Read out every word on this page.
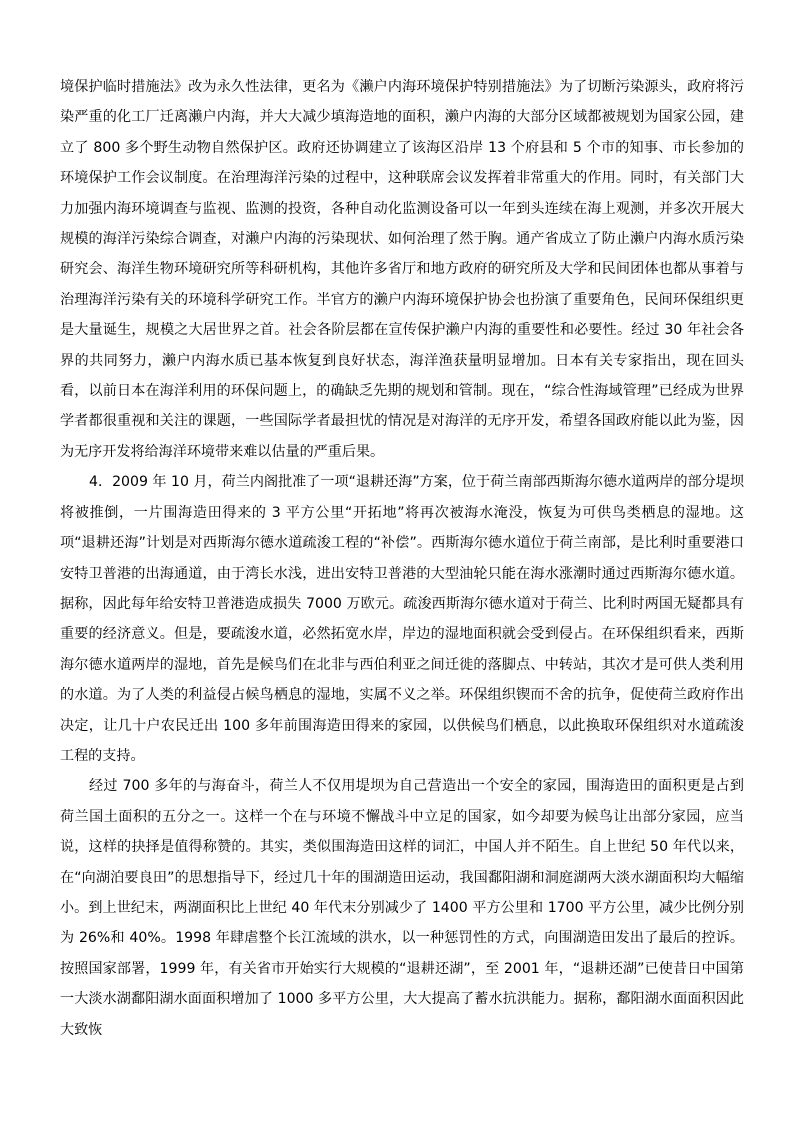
境保护临时措施法》改为永久性法律，更名为《濑户内海环境保护特别措施法》为了切断污染源头，政府将污染严重的化工厂迁离濑户内海，并大大减少填海造地的面积，濑户内海的大部分区域都被规划为国家公园，建立了 800 多个野生动物自然保护区。政府还协调建立了该海区沿岸 13 个府县和 5 个市的知事、市长参加的环境保护工作会议制度。在治理海洋污染的过程中，这种联席会议发挥着非常重大的作用。同时，有关部门大力加强内海环境调查与监视、监测的投资，各种自动化监测设备可以一年到头连续在海上观测，并多次开展大规模的海洋污染综合调查，对濑户内海的污染现状、如何治理了然于胸。通产省成立了防止濑户内海水质污染研究会、海洋生物环境研究所等科研机构，其他许多省厅和地方政府的研究所及大学和民间团体也都从事着与治理海洋污染有关的环境科学研究工作。半官方的濑户内海环境保护协会也扮演了重要角色，民间环保组织更是大量诞生，规模之大居世界之首。社会各阶层都在宣传保护濑户内海的重要性和必要性。经过 30 年社会各界的共同努力，濑户内海水质已基本恢复到良好状态，海洋渔获量明显增加。日本有关专家指出，现在回头看，以前日本在海洋利用的环保问题上，的确缺乏先期的规划和管制。现在，“综合性海域管理”已经成为世界学者都很重视和关注的课题，一些国际学者最担忧的情况是对海洋的无序开发，希望各国政府能以此为鉴，因为无序开发将给海洋环境带来难以估量的严重后果。

4．2009 年 10 月，荷兰内阁批准了一项“退耕还海”方案，位于荷兰南部西斯海尔德水道两岸的部分堤坝将被推倒，一片围海造田得来的 3 平方公里“开拓地”将再次被海水淹没，恢复为可供鸟类栖息的湿地。这项“退耕还海”计划是对西斯海尔德水道疏浚工程的“补偿”。西斯海尔德水道位于荷兰南部，是比利时重要港口安特卫普港的出海通道，由于湾长水浅，进出安特卫普港的大型油轮只能在海水涨潮时通过西斯海尔德水道。据称，因此每年给安特卫普港造成损失 7000 万欧元。疏浚西斯海尔德水道对于荷兰、比利时两国无疑都具有重要的经济意义。但是，要疏浚水道，必然拓宽水岸，岸边的湿地面积就会受到侵占。在环保组织看来，西斯海尔德水道两岸的湿地，首先是候鸟们在北非与西伯利亚之间迁徙的落脚点、中转站，其次才是可供人类利用的水道。为了人类的利益侵占候鸟栖息的湿地，实属不义之举。环保组织锲而不舍的抗争，促使荷兰政府作出决定，让几十户农民迁出 100 多年前围海造田得来的家园，以供候鸟们栖息，以此换取环保组织对水道疏浚工程的支持。

经过 700 多年的与海奋斗，荷兰人不仅用堤坝为自己营造出一个安全的家园，围海造田的面积更是占到荷兰国土面积的五分之一。这样一个在与环境不懈战斗中立足的国家，如今却要为候鸟让出部分家园，应当说，这样的抉择是值得称赞的。其实，类似围海造田这样的词汇，中国人并不陌生。自上世纪 50 年代以来，在“向湖泊要良田”的思想指导下，经过几十年的围湖造田运动，我国鄱阳湖和洞庭湖两大淡水湖面积均大幅缩小。到上世纪末，两湖面积比上世纪 40 年代末分别减少了 1400 平方公里和 1700 平方公里，减少比例分别为 26%和 40%。1998 年肆虐整个长江流域的洪水，以一种惩罚性的方式，向围湖造田发出了最后的控诉。按照国家部署，1999 年，有关省市开始实行大规模的“退耕还湖”，至 2001 年，“退耕还湖”已使昔日中国第一大淡水湖鄱阳湖水面面积增加了 1000 多平方公里，大大提高了蓄水抗洪能力。据称，鄱阳湖水面面积因此大致恢
